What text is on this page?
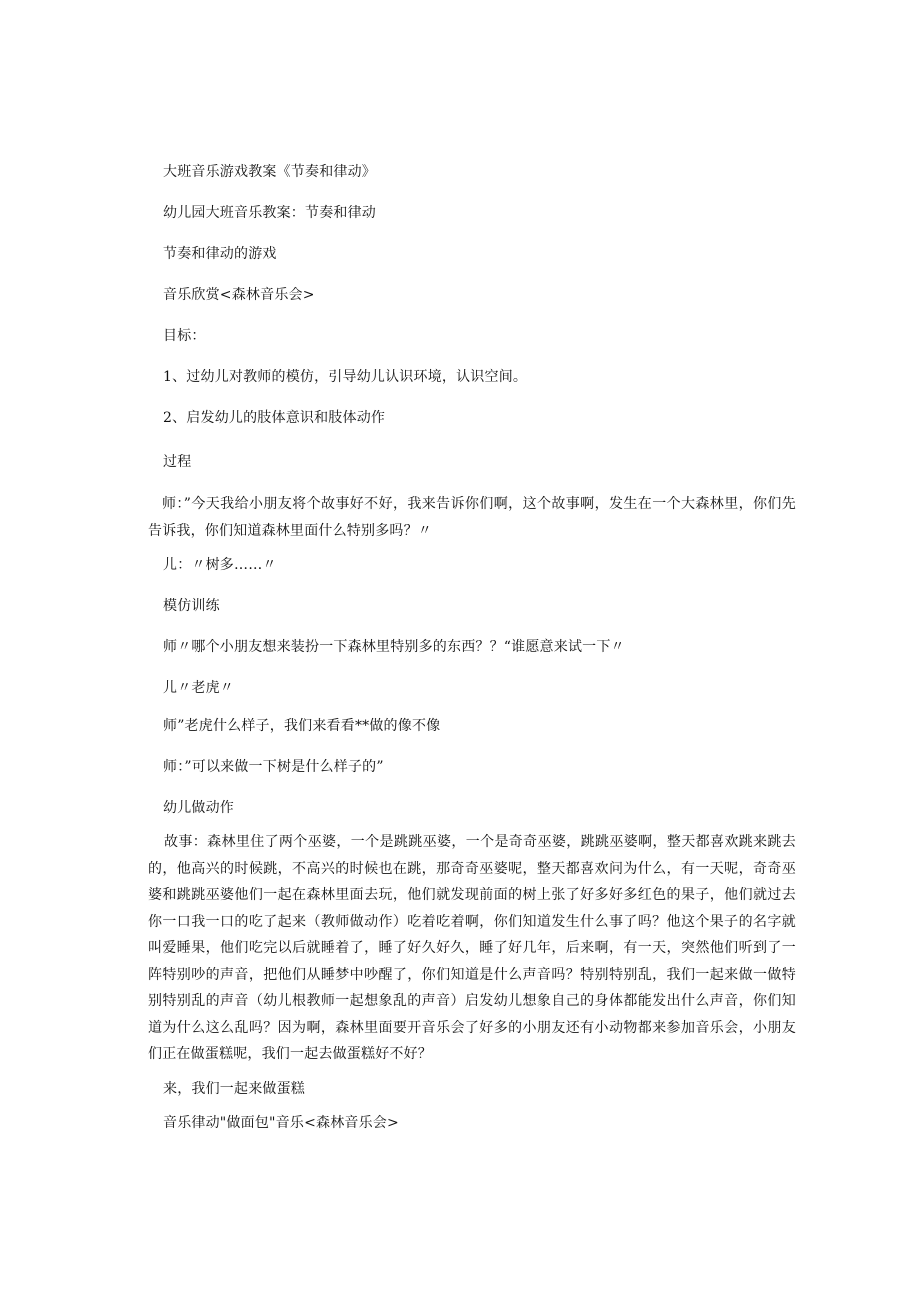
大班音乐游戏教案《节奏和律动》
幼儿园大班音乐教案：节奏和律动
节奏和律动的游戏
音乐欣赏<森林音乐会>
目标：
1、过幼儿对教师的模仿，引导幼儿认识环境，认识空间。
2、启发幼儿的肢体意识和肢体动作
过程
师：”今天我给小朋友将个故事好不好，我来告诉你们啊，这个故事啊，发生在一个大森林里，你们先告诉我，你们知道森林里面什么特别多吗？〃
儿：〃树多……〃
模仿训练
师〃哪个小朋友想来装扮一下森林里特别多的东西？？“谁愿意来试一下〃
儿〃老虎〃
师”老虎什么样子，我们来看看**做的像不像
师：”可以来做一下树是什么样子的”
幼儿做动作
故事：森林里住了两个巫婆，一个是跳跳巫婆，一个是奇奇巫婆，跳跳巫婆啊，整天都喜欢跳来跳去的，他高兴的时候跳，不高兴的时候也在跳，那奇奇巫婆呢，整天都喜欢问为什么，有一天呢，奇奇巫婆和跳跳巫婆他们一起在森林里面去玩，他们就发现前面的树上张了好多好多红色的果子，他们就过去你一口我一口的吃了起来（教师做动作）吃着吃着啊，你们知道发生什么事了吗？他这个果子的名字就叫爱睡果，他们吃完以后就睡着了，睡了好久好久，睡了好几年，后来啊，有一天，突然他们听到了一阵特别吵的声音，把他们从睡梦中吵醒了，你们知道是什么声音吗？特别特别乱，我们一起来做一做特别特别乱的声音（幼儿根教师一起想象乱的声音）启发幼儿想象自己的身体都能发出什么声音，你们知道为什么这么乱吗？因为啊，森林里面要开音乐会了好多的小朋友还有小动物都来参加音乐会，小朋友们正在做蛋糕呢，我们一起去做蛋糕好不好？
来，我们一起来做蛋糕
音乐律动"做面包"音乐<森林音乐会>
